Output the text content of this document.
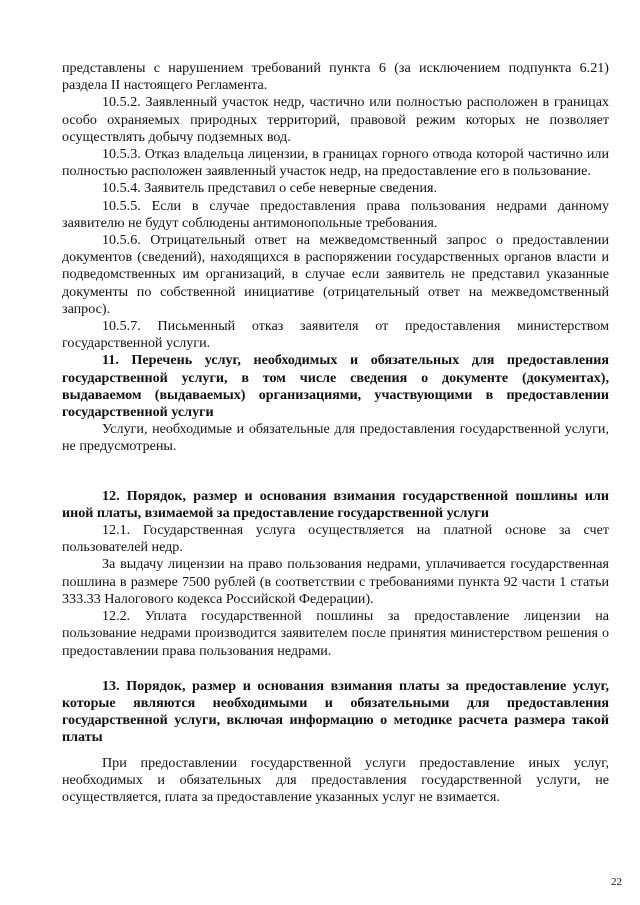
представлены с нарушением требований пункта 6 (за исключением подпункта 6.21) раздела II настоящего Регламента.

10.5.2. Заявленный участок недр, частично или полностью расположен в границах особо охраняемых природных территорий, правовой режим которых не позволяет осуществлять добычу подземных вод.

10.5.3. Отказ владельца лицензии, в границах горного отвода которой частично или полностью расположен заявленный участок недр, на предоставление его в пользование.

10.5.4. Заявитель представил о себе неверные сведения.

10.5.5. Если в случае предоставления права пользования недрами данному заявителю не будут соблюдены антимонопольные требования.

10.5.6. Отрицательный ответ на межведомственный запрос о предоставлении документов (сведений), находящихся в распоряжении государственных органов власти и подведомственных им организаций, в случае если заявитель не представил указанные документы по собственной инициативе (отрицательный ответ на межведомственный запрос).

10.5.7. Письменный отказ заявителя от предоставления министерством государственной услуги.

11. Перечень услуг, необходимых и обязательных для предоставления государственной услуги, в том числе сведения о документе (документах), выдаваемом (выдаваемых) организациями, участвующими в предоставлении государственной услуги

Услуги, необходимые и обязательные для предоставления государственной услуги, не предусмотрены.

12. Порядок, размер и основания взимания государственной пошлины или иной платы, взимаемой за предоставление государственной услуги

12.1. Государственная услуга осуществляется на платной основе за счет пользователей недр.

За выдачу лицензии на право пользования недрами, уплачивается государственная пошлина в размере 7500 рублей (в соответствии с требованиями пункта 92 части 1 статьи 333.33 Налогового кодекса Российской Федерации).

12.2. Уплата государственной пошлины за предоставление лицензии на пользование недрами производится заявителем после принятия министерством решения о предоставлении права пользования недрами.

13. Порядок, размер и основания взимания платы за предоставление услуг, которые являются необходимыми и обязательными для предоставления государственной услуги, включая информацию о методике расчета размера такой платы

При предоставлении государственной услуги предоставление иных услуг, необходимых и обязательных для предоставления государственной услуги, не осуществляется, плата за предоставление указанных услуг не взимается.

22
